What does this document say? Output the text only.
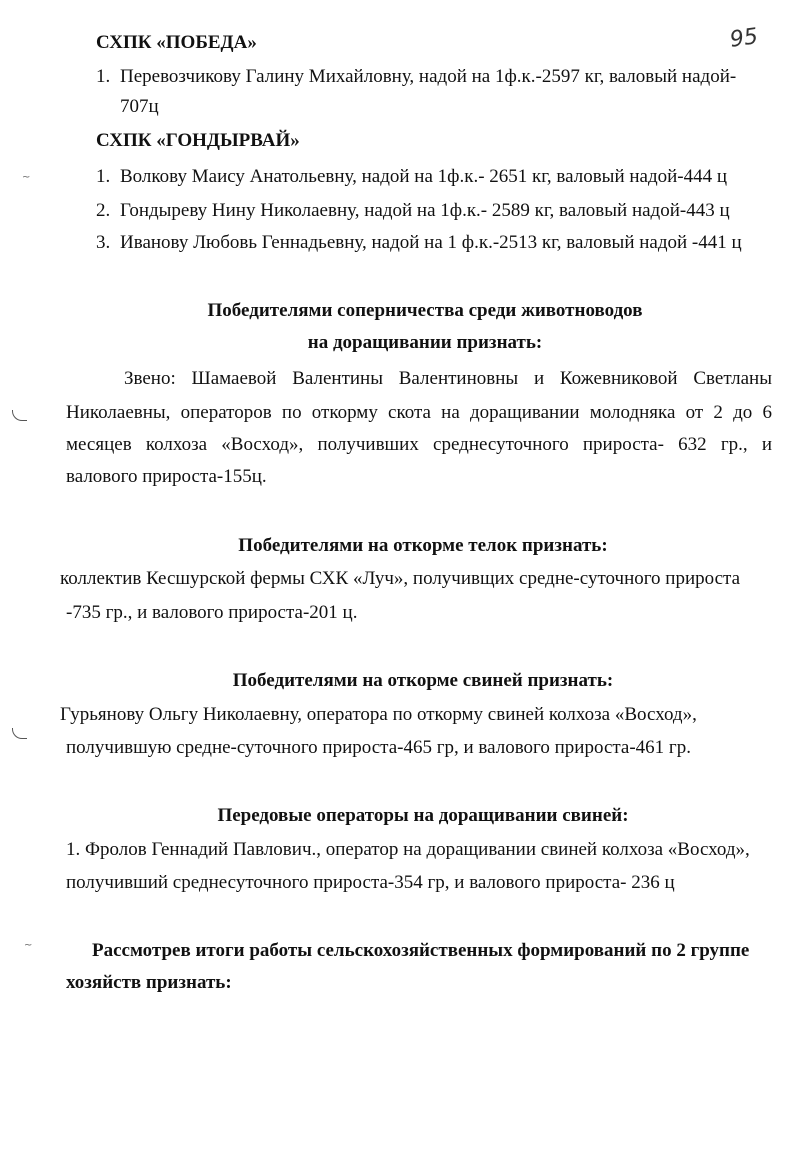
95
~
~
СХПК «ПОБЕДА»
1. Перевозчикову Галину Михайловну, надой на 1ф.к.-2597 кг, валовый надой-
707ц
СХПК «ГОНДЫРВАЙ»
1. Волкову Маису Анатольевну, надой на 1ф.к.- 2651 кг, валовый надой-444 ц
2. Гондыреву Нину Николаевну, надой на 1ф.к.- 2589 кг, валовый надой-443 ц
3. Иванову Любовь Геннадьевну, надой на 1 ф.к.-2513 кг, валовый надой -441 ц
Победителями соперничества среди животноводов
на доращивании признать:
Звено: Шамаевой Валентины Валентиновны и Кожевниковой Светланы
Николаевны, операторов по откорму скота на доращивании молодняка от 2 до 6
месяцев колхоза «Восход», получивших среднесуточного прироста- 632 гр., и
валового прироста-155ц.
Победителями на откорме телок признать:
коллектив Кесшурской фермы СХК «Луч», получивщих средне-суточного прироста
-735 гр., и валового прироста-201 ц.
Победителями на откорме свиней признать:
Гурьянову Ольгу Николаевну, оператора по откорму свиней колхоза «Восход»,
получившую средне-суточного прироста-465 гр, и валового прироста-461 гр.
Передовые операторы на доращивании свиней:
1. Фролов Геннадий Павлович., оператор на доращивании свиней колхоза «Восход»,
получивший среднесуточного прироста-354 гр, и валового прироста- 236 ц
Рассмотрев итоги работы сельскохозяйственных формирований по 2 группе
хозяйств признать:
